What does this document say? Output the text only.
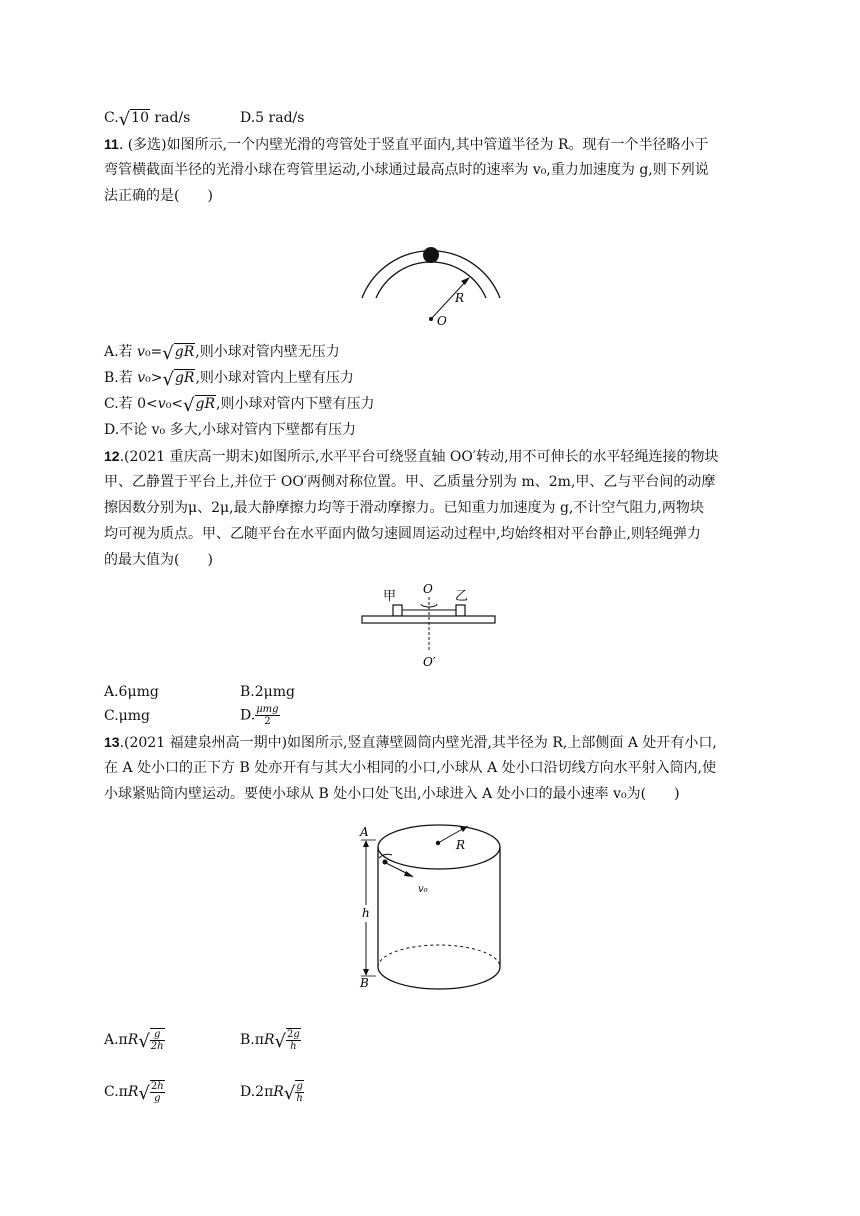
C.√10 rad/s	D.5 rad/s
11. (多选)如图所示,一个内壁光滑的弯管处于竖直平面内,其中管道半径为 R。现有一个半径略小于
弯管横截面半径的光滑小球在弯管里运动,小球通过最高点时的速率为 v₀,重力加速度为 g,则下列说
法正确的是(　　)
R
O
A.若 v₀=√gR,则小球对管内壁无压力
B.若 v₀>√gR,则小球对管内上壁有压力
C.若 0<v₀<√gR,则小球对管内下壁有压力
D.不论 v₀ 多大,小球对管内下壁都有压力
12.(2021 重庆高一期末)如图所示,水平平台可绕竖直轴 OO′转动,用不可伸长的水平轻绳连接的物块
甲、乙静置于平台上,并位于 OO′两侧对称位置。甲、乙质量分别为 m、2m,甲、乙与平台间的动摩
擦因数分别为μ、2μ,最大静摩擦力均等于滑动摩擦力。已知重力加速度为 g,不计空气阻力,两物块
均可视为质点。甲、乙随平台在水平面内做匀速圆周运动过程中,均始终相对平台静止,则轻绳弹力
的最大值为(　　)
甲	乙
O
O′
A.6μmg	B.2μmg
C.μmg	D. $\frac{\text{μmg}}{2}$
13.(2021 福建泉州高一期中)如图所示,竖直薄壁圆筒内壁光滑,其半径为 R,上部侧面 A 处开有小口,
在 A 处小口的正下方 B 处亦开有与其大小相同的小口,小球从 A 处小口沿切线方向水平射入筒内,使
小球紧贴筒内壁运动。要使小球从 B 处小口处飞出,小球进入 A 处小口的最小速率 v₀为(　　)
R
v₀
A
B
h
$A.\pi R√ \frac{g}{2h}$	$B.\pi R√ \frac{2g}{h}$
$C.\pi R√ \frac{2h}{g}$	$D.2\pi R√ \frac{g}{h}$
